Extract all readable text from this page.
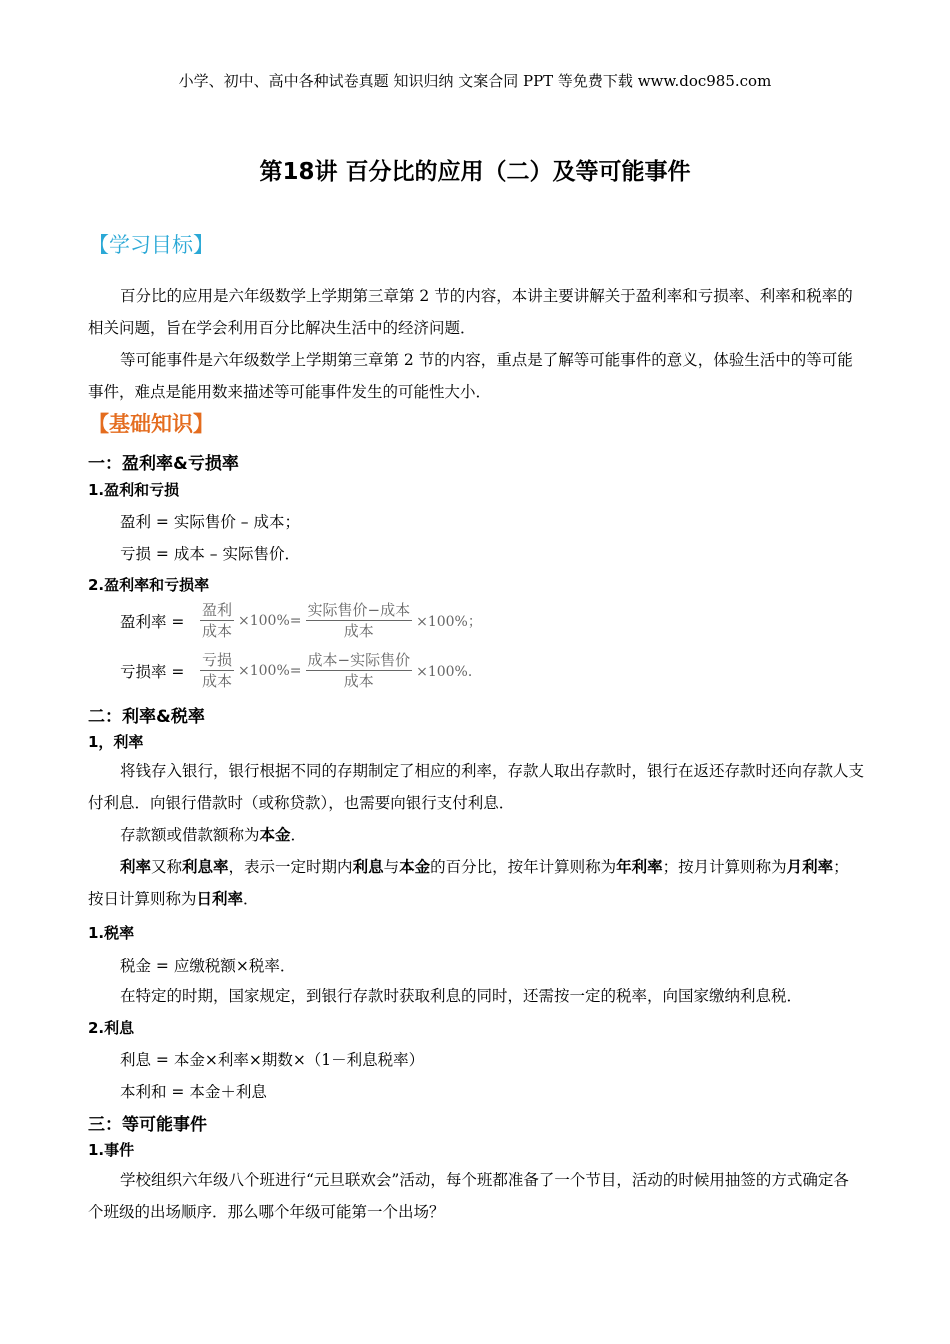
小学、初中、高中各种试卷真题 知识归纳 文案合同 PPT 等免费下载 www.doc985.com
第18讲 百分比的应用（二）及等可能事件
【学习目标】
百分比的应用是六年级数学上学期第三章第 2 节的内容，本讲主要讲解关于盈利率和亏损率、利率和税率的相关问题，旨在学会利用百分比解决生活中的经济问题．
等可能事件是六年级数学上学期第三章第 2 节的内容，重点是了解等可能事件的意义，体验生活中的等可能事件，难点是能用数来描述等可能事件发生的可能性大小．
【基础知识】
一：盈利率&亏损率
1.盈利和亏损
盈利 = 实际售价 – 成本；
亏损 = 成本 – 实际售价．
2.盈利率和亏损率
盈利率 =	$\frac{\text{盈利}}{\text{成本}} \times 100\%= \frac{\text{实际售价−成本}}{\text{成本}} \times 100\%$；
亏损率 =	$\frac{\text{亏损}}{\text{成本}} \times 100\%= \frac{\text{成本−实际售价}}{\text{成本}} \times 100\%$．
二：利率&税率
1，利率
将钱存入银行，银行根据不同的存期制定了相应的利率，存款人取出存款时，银行在返还存款时还向存款人支付利息．向银行借款时（或称贷款），也需要向银行支付利息．
存款额或借款额称为本金．
利率又称利息率，表示一定时期内利息与本金的百分比，按年计算则称为年利率；按月计算则称为月利率；按日计算则称为日利率．
1.税率
税金 = 应缴税额×税率．
在特定的时期，国家规定，到银行存款时获取利息的同时，还需按一定的税率，向国家缴纳利息税．
2.利息
利息 = 本金×利率×期数×（1－利息税率）
本利和 = 本金＋利息
三：等可能事件
1.事件
学校组织六年级八个班进行“元旦联欢会”活动，每个班都准备了一个节目，活动的时候用抽签的方式确定各个班级的出场顺序．那么哪个年级可能第一个出场？
